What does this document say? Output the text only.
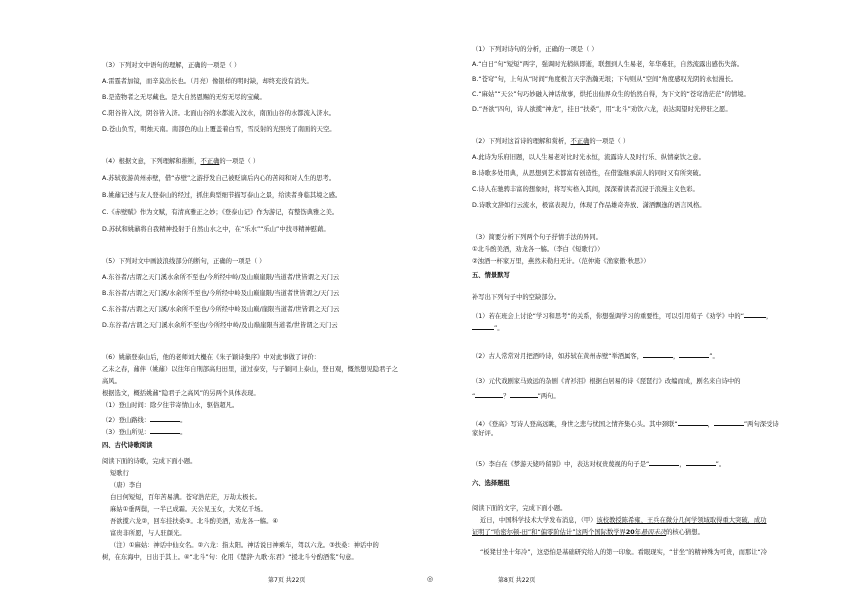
（3）下列对文中语句的理解，正确的一项是（ ）
A.雷霆者加镜，而辛莫出长也。（月亮）像银样的明时缺，却终充没有消失。
B.是造物者之无尽藏也。是大自然恩赐的无穷无尽的宝藏。
C.阳谷皆入汶，阴谷皆入济。北面山谷的水都流入汶水，南面山谷的水都流入济水。
D.苍山负雪，明烛天南。南部色的山上覆盖着白雪，雪反射的光照亮了南面的天空。
（4）根据文意，下列理解和推断，不正确的一项是（ ）
A.苏轼夜游黄州赤壁，借“赤壁”之游抒发自己被贬谪后内心的苦闷和对人生的思考。
B.姚鼐记述与友人登泰山的经过，抓住典型细节描写泰山之景，给读者身临其境之感。
C.《赤壁赋》作为文赋，有清真雅正之妙；《登泰山记》作为游记，有整饬典雅之美。
D.苏轼和姚鼐将自我精神投射于自然山水之中，在“乐水”“乐山”中找寻精神慰藉。
（5）下列对文中画波浪线部分的断句，正确的一项是（ ）
A.东谷者/古谓之天门溪水余所不至也/今所经中岭/及山巅崖限/当道者/世皆谓之天门云
B.东谷者/古谓之天门溪/水余所不至也/今所经中岭及山巅崖限/当道者世皆谓之/天门云
C.东谷者/古谓之天门溪/水余所不至也/今所经中岭及山巅/崖限当道者/世皆谓之天门云
D.东谷者/古谓之天门溪水余所不至也/今所经中岭/及山巅崖限当道者/世皆谓之天门云
（6）姚鼐登泰山后，他的老师刘大櫆在《朱子颖诗集序》中对此事做了评价：
乙未之春，鼐伴（姚鼐）以往年自刑部高归田里，道过泰安，与子颖同上泰山，登日观，慨然想见隐君子之
高风。
根据选文，概括姚鼐“隐君子之高风”的另两个具体表现。
（1）登山时间：除夕往节寄情山水，驱俗超凡。
（2）登山路线：	。
（3）登山所见：	。
四、古代诗歌阅读
阅读下面的诗歌，完成下面小题。
短歌行
（唐）李白
白日何短短，百年苦易满。苍穹浩茫茫，万劫太极长。
麻姑①垂两鬓，一半已成霜。天公见玉女，大笑亿千场。
吾欲揽六龙②，回车挂扶桑③。北斗酌美酒，劝龙各一觞。④
富贵非所愿，与人驻颜光。
（注）①麻姑：神话中仙女名。②六龙：指太阳。神话说日神乘车，驾以六龙。③扶桑：神话中的
树，在东海中，日出于其上。④“北斗”句：化用《楚辞·九歌·东君》“援北斗兮酌酒浆”句意。
第7页 共22页	◎
（1）下列对诗句的分析，正确的一项是（ ）
A.“白日”句“短短”两字，强调时光稍纵即逝，联想到人生易老，年华难驻，自然流露出感伤失落。
B.“苍穹”句，上句从“时间”角度极言天宇浩瀚无垠；下句则从“空间”角度感叹光阴的永恒漫长。
C.“麻姑”“天公”句巧妙融入神话故事，烘托出仙界众生的怡然自得，为下文的“苍穹浩茫茫”的情境。
D.“吾欲”四句，诗人欲揽“神龙”，挂日“扶桑”，用“北斗”劝饮六龙，表达渴望时光停驻之愿。
（2）下列对这首诗的理解和赏析，不正确的一项是（ ）
A.此诗为乐府旧题，以人生易老对比时光永恒，流露诗人及时行乐、纵情豪饮之意。
B.诗歌多处用典，从思想到艺术都富有创造性，在借鉴继承前人的同时又有所突破。
C.诗人在驰骋丰富的想象时，将写实格入其间，深深着读者沉浸于浪漫主义色彩。
D.诗歌文辞如行云流水，极富表现力，体现了作品雄奇奔放、潇洒飘逸的语言风格。
（3）简要分析下列两个句子抒情手法的异同。
①北斗酌美酒，劝龙各一觞。（李白《短歌行》）
②浊酒一杯家万里，燕然未勒归无计。（范仲淹《渔家傲·秋思》）
五、情景默写
补写出下列句子中的空缺部分。
（1）若在班会上讨论“学习和思考”的关系，你想强调学习的重要性，可以引用荀子《劝学》中的“	，
”。
（2）古人常常对月把酒吟诗，如苏轼在黄州赤壁“举酒属客，	，	”。
（3）元代戏剧家马致远的杂剧《青衫泪》根据白居易的诗《琵琶行》改编而成，剧名来自诗中的
“	？	”两句。
（4）《登高》写诗人登高远眺，身世之悲与忧国之情齐集心头。其中颈联“	，	”两句深受诗
家好评。
（5）李白在《梦游天姥吟留别》中，表达对权贵蔑视的句子是“	，	”。
六、选择题组
阅读下面的文字，完成下面小题。
近日，中国科学技术大学发布消息，（甲）该校教授陈希雍、王兵在微分几何学领域取得重大突破，成功
证明了“哈密尔顿-田”和“偏零阶估计”这两个国际数学界20年悬而未决的核心猜想。
“板凳甘坐十年冷”，这恐怕是基础研究给人的第一印象。看眼现实，“甘坐”的精神殊为可贵，而那让“冷
第8页 共22页
